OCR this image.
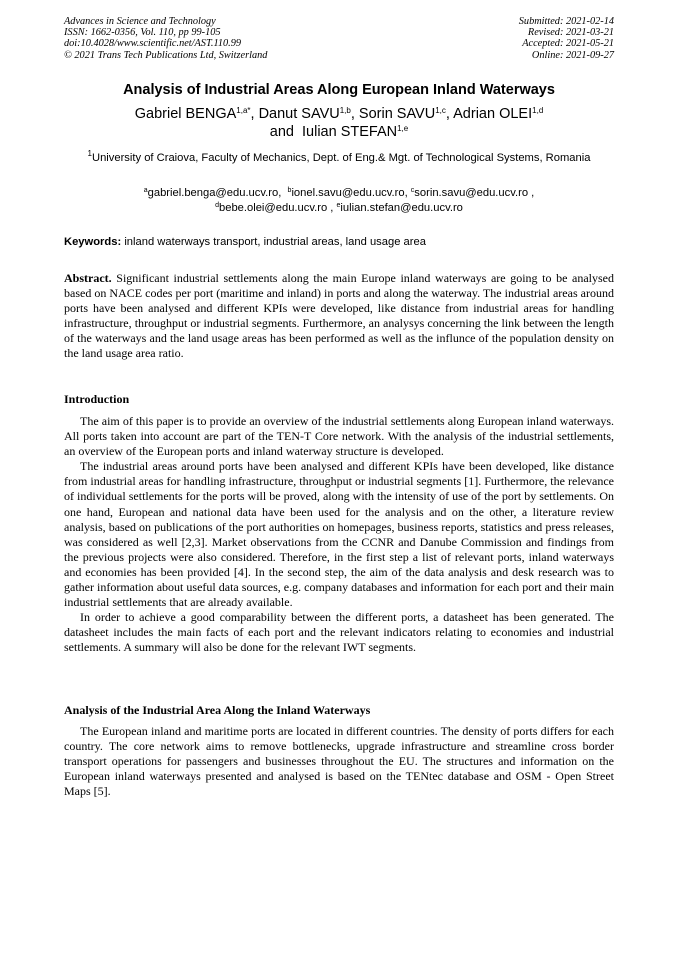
Advances in Science and Technology
ISSN: 1662-0356, Vol. 110, pp 99-105
doi:10.4028/www.scientific.net/AST.110.99
© 2021 Trans Tech Publications Ltd, Switzerland
Submitted: 2021-02-14
Revised: 2021-03-21
Accepted: 2021-05-21
Online: 2021-09-27
Analysis of Industrial Areas Along European Inland Waterways
Gabriel $BENGA^{1,a*}$, Danut SAVU$^{1,b}$, Sorin SAVU$^{1,c}$, Adrian OLEI$^{1,d}$
and Iulian STEFAN$^{1,e}$
$^1$University of Craiova, Faculty of Mechanics, Dept. of Eng.& Mgt. of Technological Systems, Romania
$^a$gabriel.benga@edu.ucv.ro, $^b$ionel.savu@edu.ucv.ro, $^c$sorin.savu@edu.ucv.ro ,
$^d$bebe.olei@edu.ucv.ro , $^e$iulian.stefan@edu.ucv.ro
Keywords: inland waterways transport, industrial areas, land usage area
Abstract. Significant industrial settlements along the main Europe inland waterways are going to be analysed based on NACE codes per port (maritime and inland) in ports and along the waterway. The industrial areas around ports have been analysed and different KPIs were developed, like distance from industrial areas for handling infrastructure, throughput or industrial segments. Furthermore, an analysys concerning the link between the length of the waterways and the land usage areas has been performed as well as the influnce of the population density on the land usage area ratio.
Introduction

The aim of this paper is to provide an overview of the industrial settlements along European inland waterways. All ports taken into account are part of the TEN-T Core network. With the analysis of the industrial settlements, an overview of the European ports and inland waterway structure is developed.

The industrial areas around ports have been analysed and different KPIs have been developed, like distance from industrial areas for handling infrastructure, throughput or industrial segments [1]. Furthermore, the relevance of individual settlements for the ports will be proved, along with the intensity of use of the port by settlements. On one hand, European and national data have been used for the analysis and on the other, a literature review analysis, based on publications of the port authorities on homepages, business reports, statistics and press releases, was considered as well [2,3]. Market observations from the CCNR and Danube Commission and findings from the previous projects were also considered. Therefore, in the first step a list of relevant ports, inland waterways and economies has been provided [4]. In the second step, the aim of the data analysis and desk research was to gather information about useful data sources, e.g. company databases and information for each port and their main industrial settlements that are already available.

In order to achieve a good comparability between the different ports, a datasheet has been generated. The datasheet includes the main facts of each port and the relevant indicators relating to economies and industrial settlements. A summary will also be done for the relevant IWT segments.

Analysis of the Industrial Area Along the Inland Waterways

The European inland and maritime ports are located in different countries. The density of ports differs for each country. The core network aims to remove bottlenecks, upgrade infrastructure and streamline cross border transport operations for passengers and businesses throughout the EU. The structures and information on the European inland waterways presented and analysed is based on the TENtec database and OSM - Open Street Maps [5].
